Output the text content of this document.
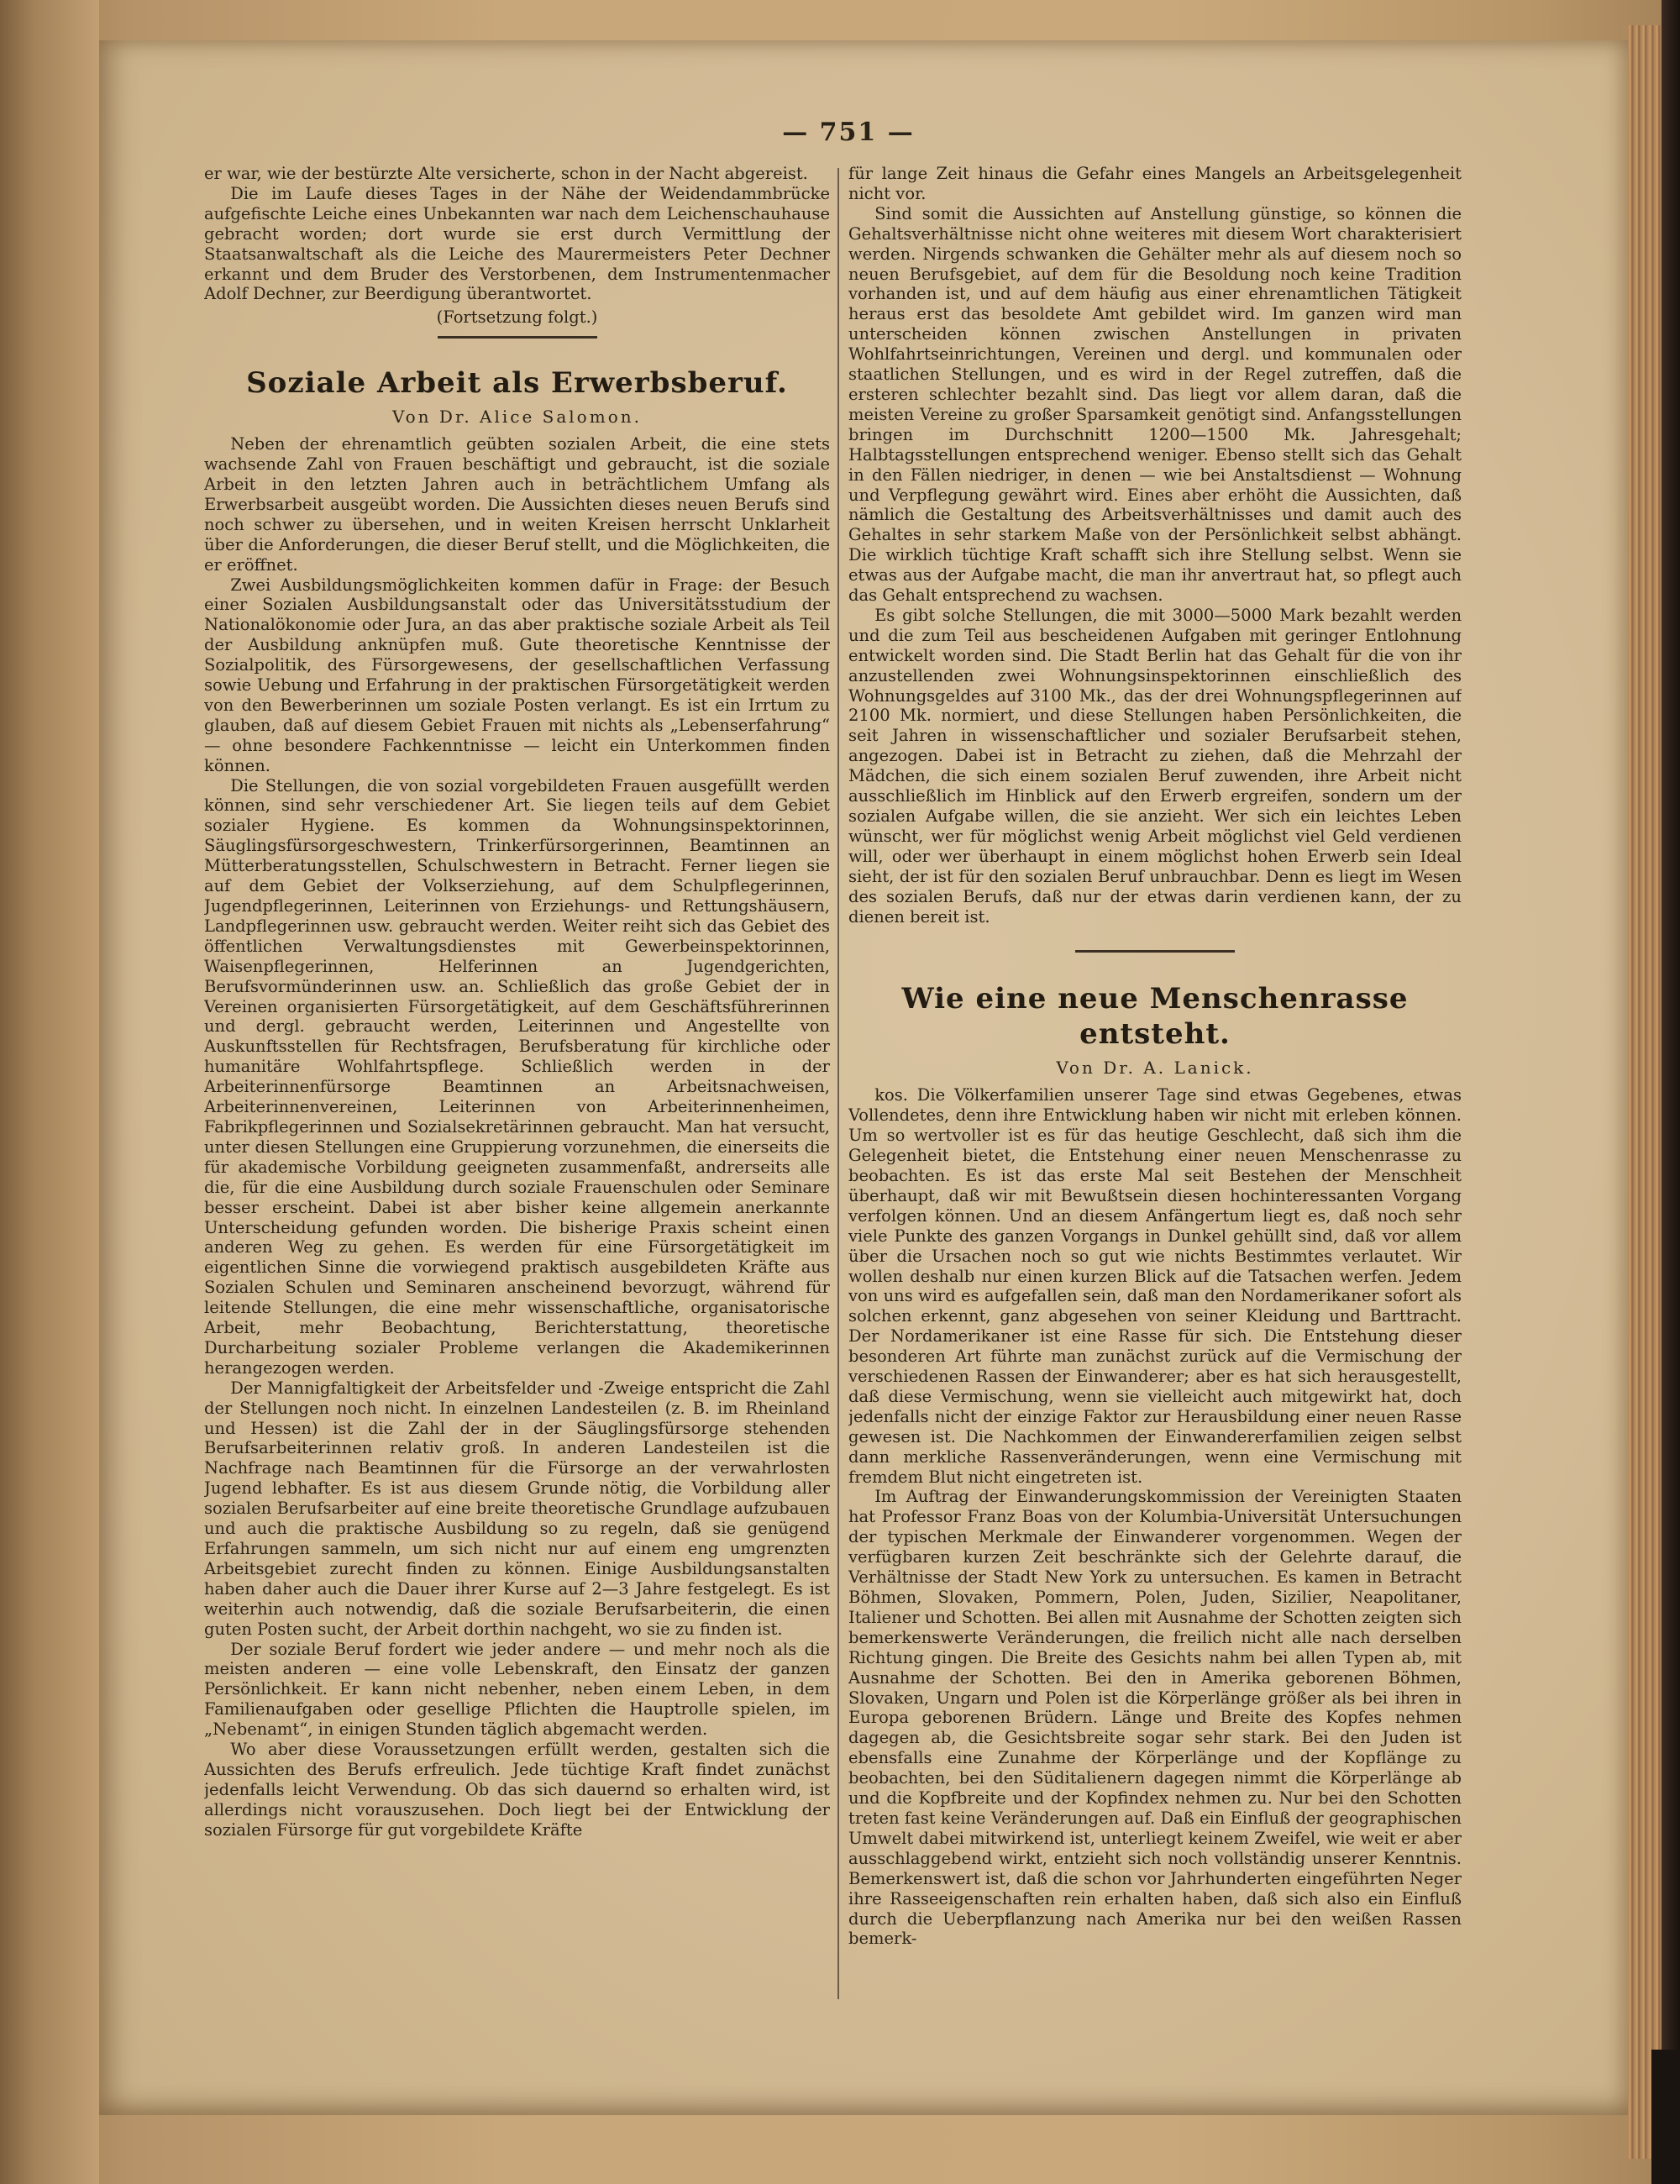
— 751 —

er war, wie der bestürzte Alte versicherte, schon in der Nacht abgereist.

Die im Laufe dieses Tages in der Nähe der Weidendammbrücke aufgefischte Leiche eines Unbekannten war nach dem Leichenschauhause gebracht worden; dort wurde sie erst durch Vermittlung der Staatsanwaltschaft als die Leiche des Maurermeisters Peter Dechner erkannt und dem Bruder des Verstorbenen, dem Instrumentenmacher Adolf Dechner, zur Beerdigung überantwortet.

(Fortsetzung folgt.)

Soziale Arbeit als Erwerbsberuf.

Von Dr. Alice Salomon.

Neben der ehrenamtlich geübten sozialen Arbeit, die eine stets wachsende Zahl von Frauen beschäftigt und gebraucht, ist die soziale Arbeit in den letzten Jahren auch in beträchtlichem Umfang als Erwerbsarbeit ausgeübt worden. Die Aussichten dieses neuen Berufs sind noch schwer zu übersehen, und in weiten Kreisen herrscht Unklarheit über die Anforderungen, die dieser Beruf stellt, und die Möglichkeiten, die er eröffnet.

Zwei Ausbildungsmöglichkeiten kommen dafür in Frage: der Besuch einer Sozialen Ausbildungsanstalt oder das Universitätsstudium der Nationalökonomie oder Jura, an das aber praktische soziale Arbeit als Teil der Ausbildung anknüpfen muß. Gute theoretische Kenntnisse der Sozialpolitik, des Fürsorgewesens, der gesellschaftlichen Verfassung sowie Uebung und Erfahrung in der praktischen Fürsorgetätigkeit werden von den Bewerberinnen um soziale Posten verlangt. Es ist ein Irrtum zu glauben, daß auf diesem Gebiet Frauen mit nichts als „Lebenserfahrung“ — ohne besondere Fachkenntnisse — leicht ein Unterkommen finden können.

Die Stellungen, die von sozial vorgebildeten Frauen ausgefüllt werden können, sind sehr verschiedener Art. Sie liegen teils auf dem Gebiet sozialer Hygiene. Es kommen da Wohnungsinspektorinnen, Säuglingsfürsorgeschwestern, Trinkerfürsorgerinnen, Beamtinnen an Mütterberatungsstellen, Schulschwestern in Betracht. Ferner liegen sie auf dem Gebiet der Volkserziehung, auf dem Schulpflegerinnen, Jugendpflegerinnen, Leiterinnen von Erziehungs- und Rettungshäusern, Landpflegerinnen usw. gebraucht werden. Weiter reiht sich das Gebiet des öffentlichen Verwaltungsdienstes mit Gewerbeinspektorinnen, Waisenpflegerinnen, Helferinnen an Jugendgerichten, Berufsvormünderinnen usw. an. Schließlich das große Gebiet der in Vereinen organisierten Fürsorgetätigkeit, auf dem Geschäftsführerinnen und dergl. gebraucht werden, Leiterinnen und Angestellte von Auskunftsstellen für Rechtsfragen, Berufsberatung für kirchliche oder humanitäre Wohlfahrtspflege. Schließlich werden in der Arbeiterinnenfürsorge Beamtinnen an Arbeitsnachweisen, Arbeiterinnenvereinen, Leiterinnen von Arbeiterinnenheimen, Fabrikpflegerinnen und Sozialsekretärinnen gebraucht. Man hat versucht, unter diesen Stellungen eine Gruppierung vorzunehmen, die einerseits die für akademische Vorbildung geeigneten zusammenfaßt, andrerseits alle die, für die eine Ausbildung durch soziale Frauenschulen oder Seminare besser erscheint. Dabei ist aber bisher keine allgemein anerkannte Unterscheidung gefunden worden. Die bisherige Praxis scheint einen anderen Weg zu gehen. Es werden für eine Fürsorgetätigkeit im eigentlichen Sinne die vorwiegend praktisch ausgebildeten Kräfte aus Sozialen Schulen und Seminaren anscheinend bevorzugt, während für leitende Stellungen, die eine mehr wissenschaftliche, organisatorische Arbeit, mehr Beobachtung, Berichterstattung, theoretische Durcharbeitung sozialer Probleme verlangen die Akademikerinnen herangezogen werden.

Der Mannigfaltigkeit der Arbeitsfelder und -Zweige entspricht die Zahl der Stellungen noch nicht. In einzelnen Landesteilen (z. B. im Rheinland und Hessen) ist die Zahl der in der Säuglingsfürsorge stehenden Berufsarbeiterinnen relativ groß. In anderen Landesteilen ist die Nachfrage nach Beamtinnen für die Fürsorge an der verwahrlosten Jugend lebhafter. Es ist aus diesem Grunde nötig, die Vorbildung aller sozialen Berufsarbeiter auf eine breite theoretische Grundlage aufzubauen und auch die praktische Ausbildung so zu regeln, daß sie genügend Erfahrungen sammeln, um sich nicht nur auf einem eng umgrenzten Arbeitsgebiet zurecht finden zu können. Einige Ausbildungsanstalten haben daher auch die Dauer ihrer Kurse auf 2—3 Jahre festgelegt. Es ist weiterhin auch notwendig, daß die soziale Berufsarbeiterin, die einen guten Posten sucht, der Arbeit dorthin nachgeht, wo sie zu finden ist.

Der soziale Beruf fordert wie jeder andere — und mehr noch als die meisten anderen — eine volle Lebenskraft, den Einsatz der ganzen Persönlichkeit. Er kann nicht nebenher, neben einem Leben, in dem Familienaufgaben oder gesellige Pflichten die Hauptrolle spielen, im „Nebenamt“, in einigen Stunden täglich abgemacht werden.

Wo aber diese Voraussetzungen erfüllt werden, gestalten sich die Aussichten des Berufs erfreulich. Jede tüchtige Kraft findet zunächst jedenfalls leicht Verwendung. Ob das sich dauernd so erhalten wird, ist allerdings nicht vorauszusehen. Doch liegt bei der Entwicklung der sozialen Fürsorge für gut vorgebildete Kräfte

für lange Zeit hinaus die Gefahr eines Mangels an Arbeitsgelegenheit nicht vor.

Sind somit die Aussichten auf Anstellung günstige, so können die Gehaltsverhältnisse nicht ohne weiteres mit diesem Wort charakterisiert werden. Nirgends schwanken die Gehälter mehr als auf diesem noch so neuen Berufsgebiet, auf dem für die Besoldung noch keine Tradition vorhanden ist, und auf dem häufig aus einer ehrenamtlichen Tätigkeit heraus erst das besoldete Amt gebildet wird. Im ganzen wird man unterscheiden können zwischen Anstellungen in privaten Wohlfahrtseinrichtungen, Vereinen und dergl. und kommunalen oder staatlichen Stellungen, und es wird in der Regel zutreffen, daß die ersteren schlechter bezahlt sind. Das liegt vor allem daran, daß die meisten Vereine zu großer Sparsamkeit genötigt sind. Anfangsstellungen bringen im Durchschnitt 1200—1500 Mk. Jahresgehalt; Halbtagsstellungen entsprechend weniger. Ebenso stellt sich das Gehalt in den Fällen niedriger, in denen — wie bei Anstaltsdienst — Wohnung und Verpflegung gewährt wird. Eines aber erhöht die Aussichten, daß nämlich die Gestaltung des Arbeitsverhältnisses und damit auch des Gehaltes in sehr starkem Maße von der Persönlichkeit selbst abhängt. Die wirklich tüchtige Kraft schafft sich ihre Stellung selbst. Wenn sie etwas aus der Aufgabe macht, die man ihr anvertraut hat, so pflegt auch das Gehalt entsprechend zu wachsen.

Es gibt solche Stellungen, die mit 3000—5000 Mark bezahlt werden und die zum Teil aus bescheidenen Aufgaben mit geringer Entlohnung entwickelt worden sind. Die Stadt Berlin hat das Gehalt für die von ihr anzustellenden zwei Wohnungsinspektorinnen einschließlich des Wohnungsgeldes auf 3100 Mk., das der drei Wohnungspflegerinnen auf 2100 Mk. normiert, und diese Stellungen haben Persönlichkeiten, die seit Jahren in wissenschaftlicher und sozialer Berufsarbeit stehen, angezogen. Dabei ist in Betracht zu ziehen, daß die Mehrzahl der Mädchen, die sich einem sozialen Beruf zuwenden, ihre Arbeit nicht ausschließlich im Hinblick auf den Erwerb ergreifen, sondern um der sozialen Aufgabe willen, die sie anzieht. Wer sich ein leichtes Leben wünscht, wer für möglichst wenig Arbeit möglichst viel Geld verdienen will, oder wer überhaupt in einem möglichst hohen Erwerb sein Ideal sieht, der ist für den sozialen Beruf unbrauchbar. Denn es liegt im Wesen des sozialen Berufs, daß nur der etwas darin verdienen kann, der zu dienen bereit ist.

Wie eine neue Menschenrasse entsteht.

Von Dr. A. Lanick.

kos. Die Völkerfamilien unserer Tage sind etwas Gegebenes, etwas Vollendetes, denn ihre Entwicklung haben wir nicht mit erleben können. Um so wertvoller ist es für das heutige Geschlecht, daß sich ihm die Gelegenheit bietet, die Entstehung einer neuen Menschenrasse zu beobachten. Es ist das erste Mal seit Bestehen der Menschheit überhaupt, daß wir mit Bewußtsein diesen hochinteressanten Vorgang verfolgen können. Und an diesem Anfängertum liegt es, daß noch sehr viele Punkte des ganzen Vorgangs in Dunkel gehüllt sind, daß vor allem über die Ursachen noch so gut wie nichts Bestimmtes verlautet. Wir wollen deshalb nur einen kurzen Blick auf die Tatsachen werfen. Jedem von uns wird es aufgefallen sein, daß man den Nordamerikaner sofort als solchen erkennt, ganz abgesehen von seiner Kleidung und Barttracht. Der Nordamerikaner ist eine Rasse für sich. Die Entstehung dieser besonderen Art führte man zunächst zurück auf die Vermischung der verschiedenen Rassen der Einwanderer; aber es hat sich herausgestellt, daß diese Vermischung, wenn sie vielleicht auch mitgewirkt hat, doch jedenfalls nicht der einzige Faktor zur Herausbildung einer neuen Rasse gewesen ist. Die Nachkommen der Einwandererfamilien zeigen selbst dann merkliche Rassenveränderungen, wenn eine Vermischung mit fremdem Blut nicht eingetreten ist.

Im Auftrag der Einwanderungskommission der Vereinigten Staaten hat Professor Franz Boas von der Kolumbia-Universität Untersuchungen der typischen Merkmale der Einwanderer vorgenommen. Wegen der verfügbaren kurzen Zeit beschränkte sich der Gelehrte darauf, die Verhältnisse der Stadt New York zu untersuchen. Es kamen in Betracht Böhmen, Slovaken, Pommern, Polen, Juden, Sizilier, Neapolitaner, Italiener und Schotten. Bei allen mit Ausnahme der Schotten zeigten sich bemerkenswerte Veränderungen, die freilich nicht alle nach derselben Richtung gingen. Die Breite des Gesichts nahm bei allen Typen ab, mit Ausnahme der Schotten. Bei den in Amerika geborenen Böhmen, Slovaken, Ungarn und Polen ist die Körperlänge größer als bei ihren in Europa geborenen Brüdern. Länge und Breite des Kopfes nehmen dagegen ab, die Gesichtsbreite sogar sehr stark. Bei den Juden ist ebensfalls eine Zunahme der Körperlänge und der Kopflänge zu beobachten, bei den Süditalienern dagegen nimmt die Körperlänge ab und die Kopfbreite und der Kopfindex nehmen zu. Nur bei den Schotten treten fast keine Veränderungen auf. Daß ein Einfluß der geographischen Umwelt dabei mitwirkend ist, unterliegt keinem Zweifel, wie weit er aber ausschlaggebend wirkt, entzieht sich noch vollständig unserer Kenntnis. Bemerkenswert ist, daß die schon vor Jahrhunderten eingeführten Neger ihre Rasseeigenschaften rein erhalten haben, daß sich also ein Einfluß durch die Ueberpflanzung nach Amerika nur bei den weißen Rassen bemerk-
